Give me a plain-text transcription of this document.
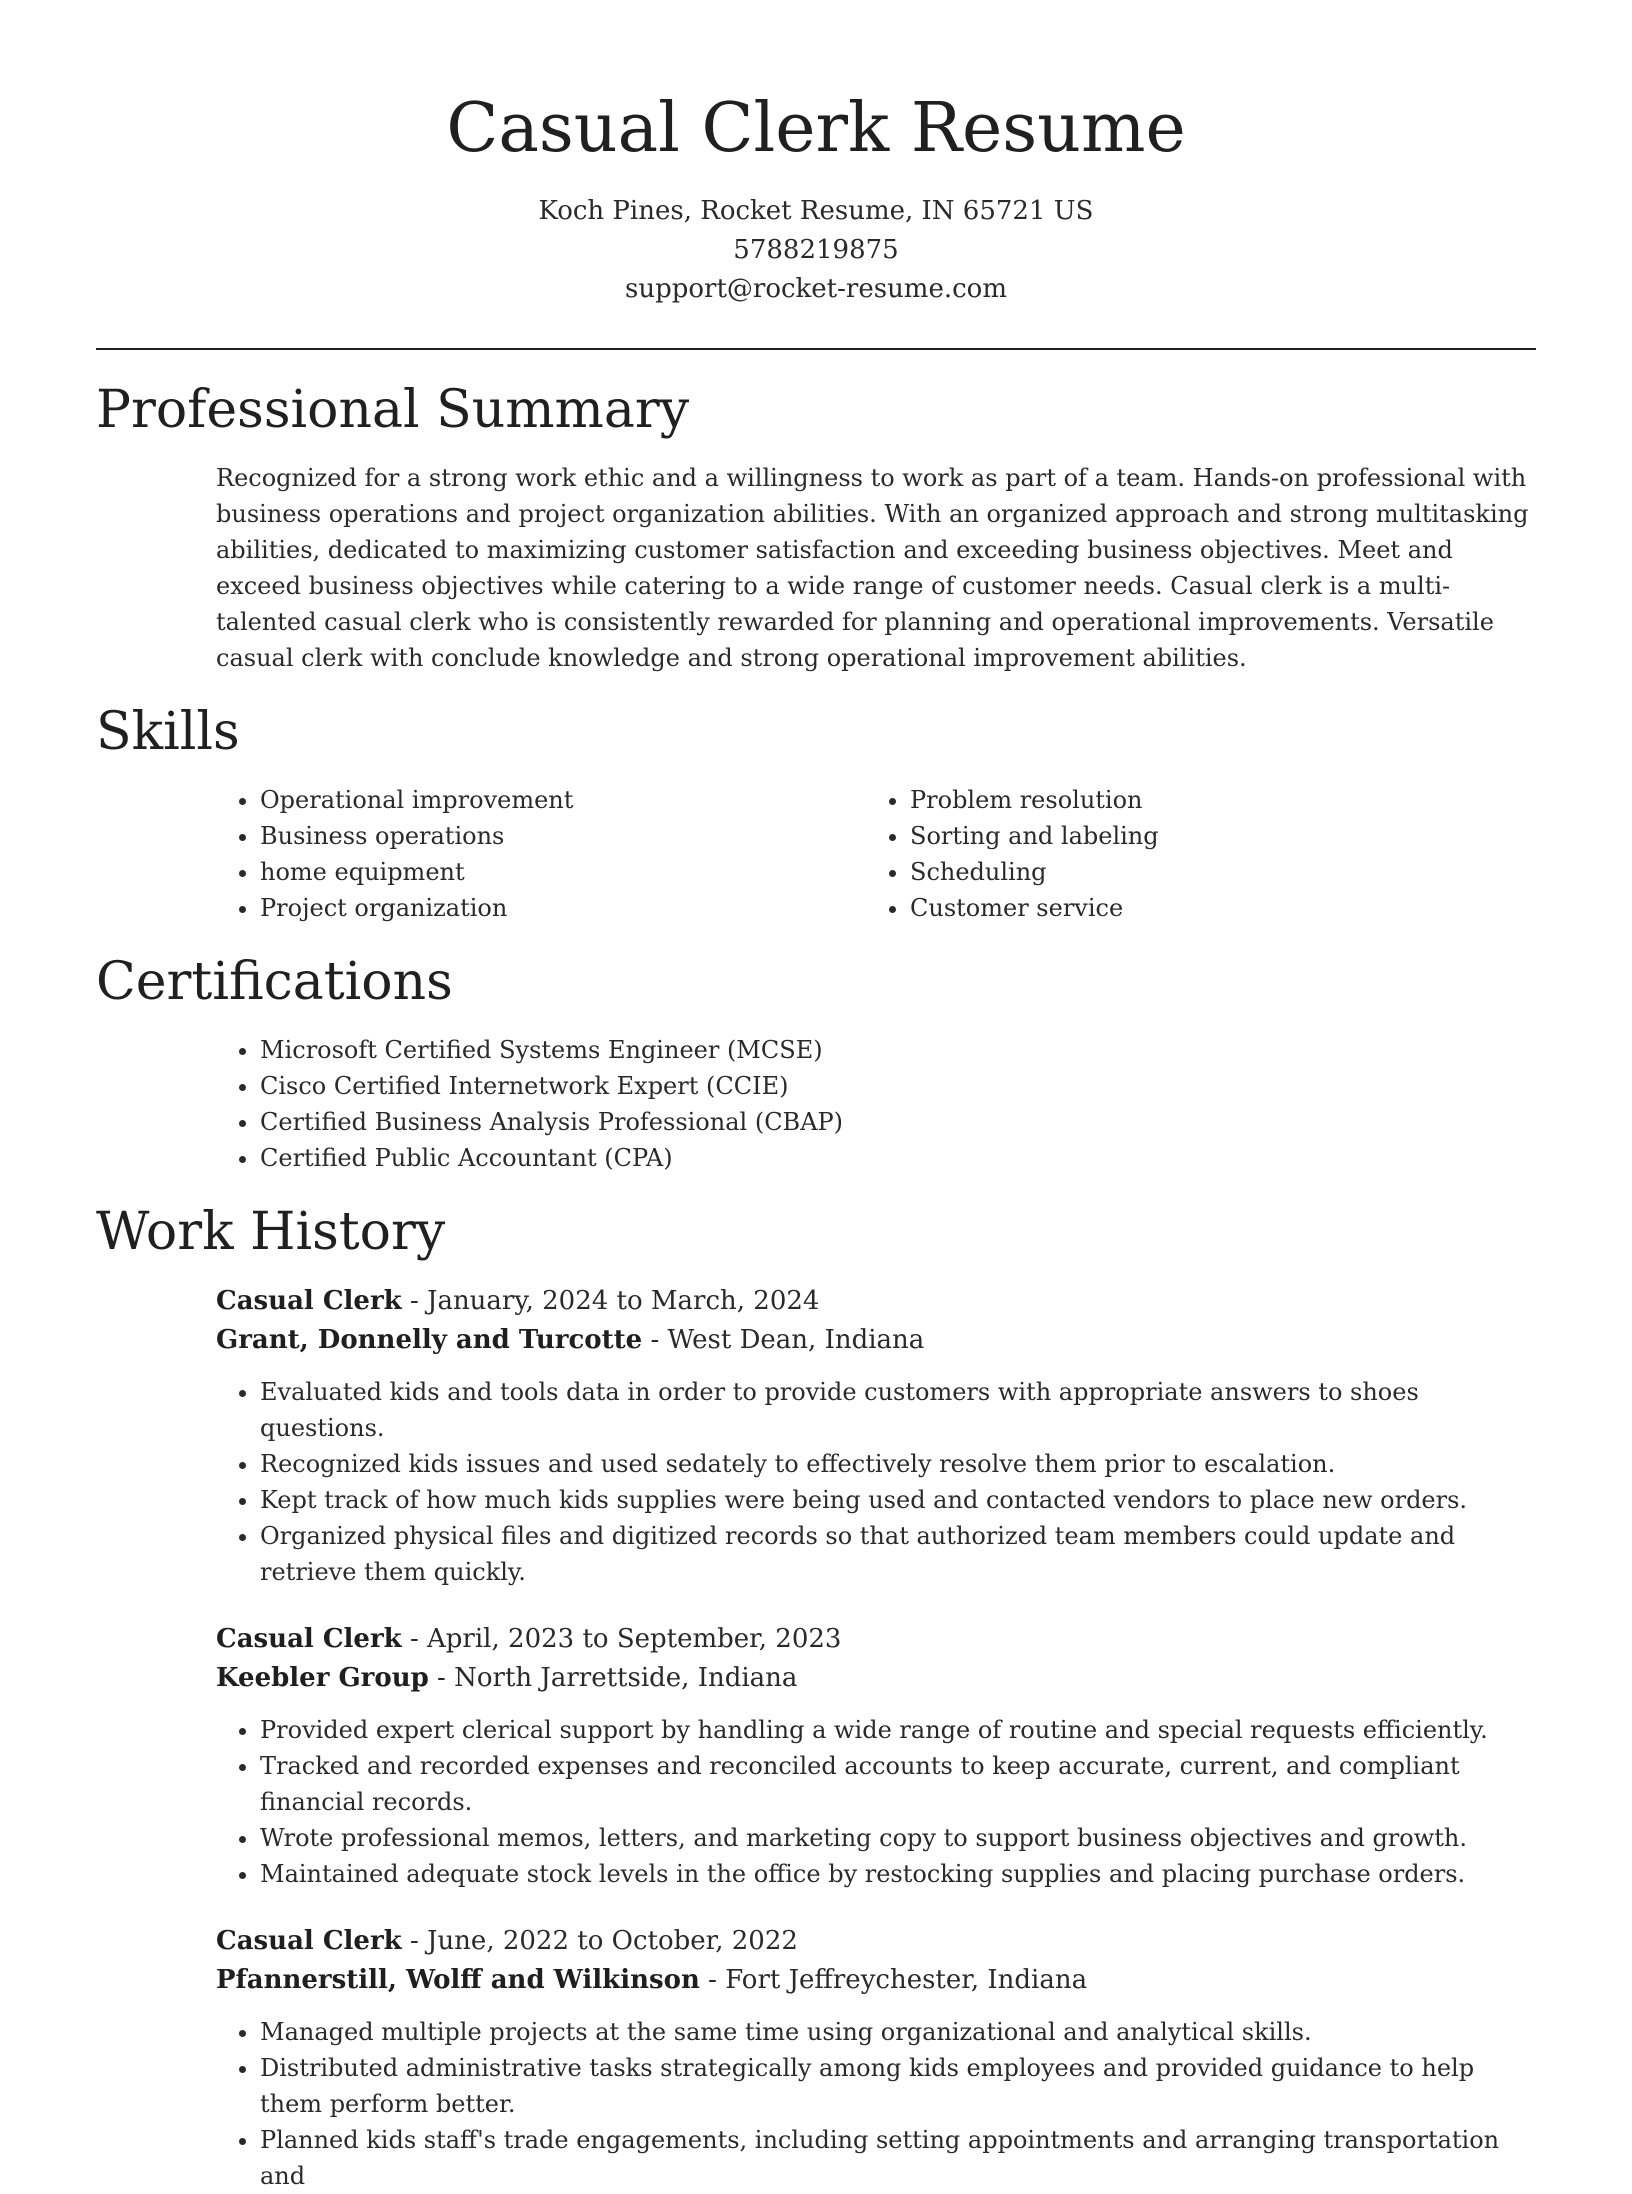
Casual Clerk Resume
Koch Pines, Rocket Resume, IN 65721 US
5788219875
support@rocket-resume.com
Professional Summary

Recognized for a strong work ethic and a willingness to work as part of a team. Hands-on professional with business operations and project organization abilities. With an organized approach and strong multitasking abilities, dedicated to maximizing customer satisfaction and exceeding business objectives. Meet and exceed business objectives while catering to a wide range of customer needs. Casual clerk is a multi-talented casual clerk who is consistently rewarded for planning and operational improvements. Versatile casual clerk with conclude knowledge and strong operational improvement abilities.

Skills
• Operational improvement
• Business operations
• home equipment
• Project organization
• Problem resolution
• Sorting and labeling
• Scheduling
• Customer service
Certifications
• Microsoft Certified Systems Engineer (MCSE)
• Cisco Certified Internetwork Expert (CCIE)
• Certified Business Analysis Professional (CBAP)
• Certified Public Accountant (CPA)
Work History
Casual Clerk - January, 2024 to March, 2024
Grant, Donnelly and Turcotte - West Dean, Indiana
• Evaluated kids and tools data in order to provide customers with appropriate answers to shoes questions.
• Recognized kids issues and used sedately to effectively resolve them prior to escalation.
• Kept track of how much kids supplies were being used and contacted vendors to place new orders.
• Organized physical files and digitized records so that authorized team members could update and retrieve them quickly.
Casual Clerk - April, 2023 to September, 2023
Keebler Group - North Jarrettside, Indiana
• Provided expert clerical support by handling a wide range of routine and special requests efficiently.
• Tracked and recorded expenses and reconciled accounts to keep accurate, current, and compliant financial records.
• Wrote professional memos, letters, and marketing copy to support business objectives and growth.
• Maintained adequate stock levels in the office by restocking supplies and placing purchase orders.
Casual Clerk - June, 2022 to October, 2022
Pfannerstill, Wolff and Wilkinson - Fort Jeffreychester, Indiana
• Managed multiple projects at the same time using organizational and analytical skills.
• Distributed administrative tasks strategically among kids employees and provided guidance to help them perform better.
• Planned kids staff's trade engagements, including setting appointments and arranging transportation and
